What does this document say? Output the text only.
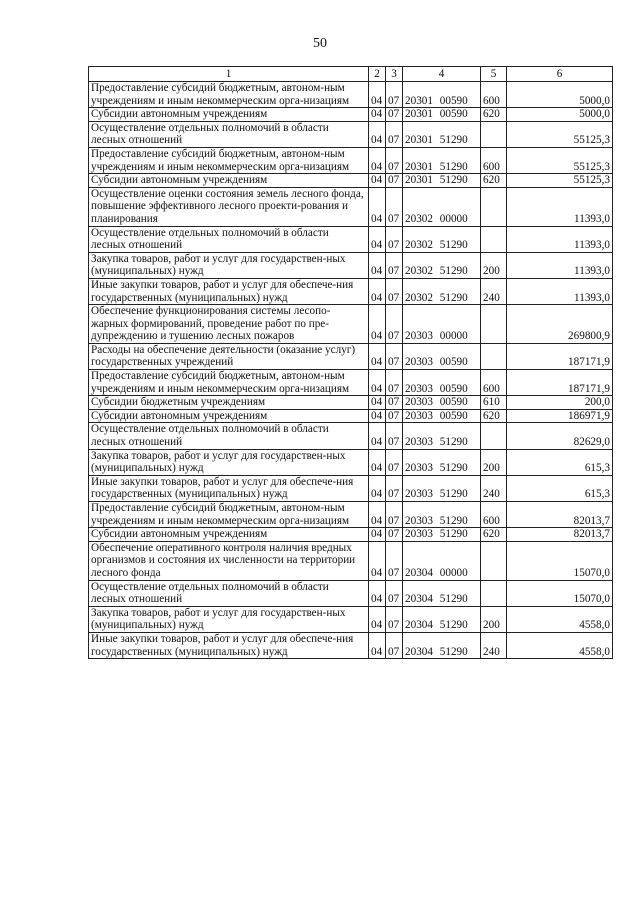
50
1	2	3	4	5	6
Предоставление субсидий бюджетным, автоном-ным учреждениям и иным некоммерческим орга-низациям	04	07	20301 00590	600	5000,0
Субсидии автономным учреждениям	04	07	20301 00590	620	5000,0
Осуществление отдельных полномочий в области лесных отношений	04	07	20301 51290		55125,3
Предоставление субсидий бюджетным, автоном-ным учреждениям и иным некоммерческим орга-низациям	04	07	20301 51290	600	55125,3
Субсидии автономным учреждениям	04	07	20301 51290	620	55125,3
Осуществление оценки состояния земель лесного фонда, повышение эффективного лесного проекти-рования и планирования	04	07	20302 00000		11393,0
Осуществление отдельных полномочий в области лесных отношений	04	07	20302 51290		11393,0
Закупка товаров, работ и услуг для государствен-ных (муниципальных) нужд	04	07	20302 51290	200	11393,0
Иные закупки товаров, работ и услуг для обеспече-ния государственных (муниципальных) нужд	04	07	20302 51290	240	11393,0
Обеспечение функционирования системы лесопо-жарных формирований, проведение работ по пре-дупреждению и тушению лесных пожаров	04	07	20303 00000		269800,9
Расходы на обеспечение деятельности (оказание услуг) государственных учреждений	04	07	20303 00590		187171,9
Предоставление субсидий бюджетным, автоном-ным учреждениям и иным некоммерческим орга-низациям	04	07	20303 00590	600	187171,9
Субсидии бюджетным учреждениям	04	07	20303 00590	610	200,0
Субсидии автономным учреждениям	04	07	20303 00590	620	186971,9
Осуществление отдельных полномочий в области лесных отношений	04	07	20303 51290		82629,0
Закупка товаров, работ и услуг для государствен-ных (муниципальных) нужд	04	07	20303 51290	200	615,3
Иные закупки товаров, работ и услуг для обеспече-ния государственных (муниципальных) нужд	04	07	20303 51290	240	615,3
Предоставление субсидий бюджетным, автоном-ным учреждениям и иным некоммерческим орга-низациям	04	07	20303 51290	600	82013,7
Субсидии автономным учреждениям	04	07	20303 51290	620	82013,7
Обеспечение оперативного контроля наличия вредных организмов и состояния их численности на территории лесного фонда	04	07	20304 00000		15070,0
Осуществление отдельных полномочий в области лесных отношений	04	07	20304 51290		15070,0
Закупка товаров, работ и услуг для государствен-ных (муниципальных) нужд	04	07	20304 51290	200	4558,0
Иные закупки товаров, работ и услуг для обеспече-ния государственных (муниципальных) нужд	04	07	20304 51290	240	4558,0
